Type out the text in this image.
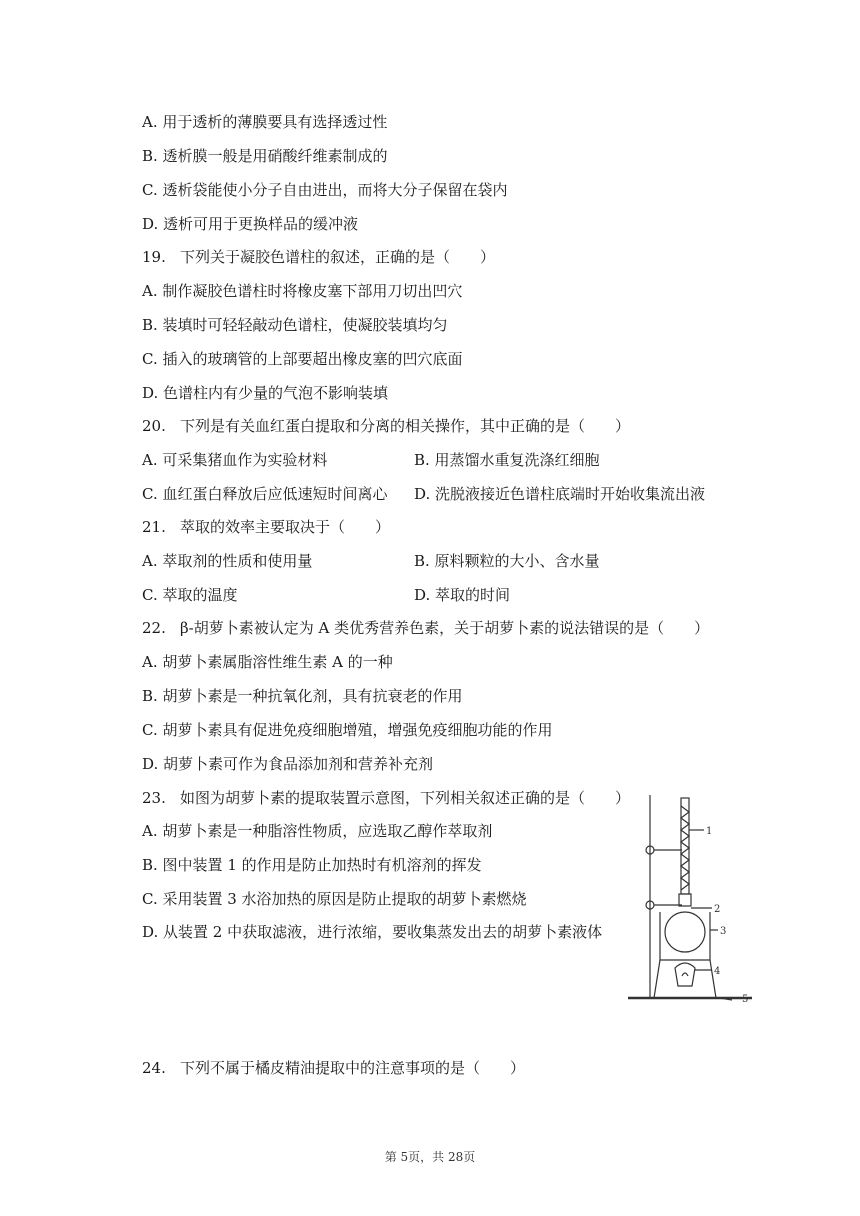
A. 用于透析的薄膜要具有选择透过性
B. 透析膜一般是用硝酸纤维素制成的
C. 透析袋能使小分子自由进出，而将大分子保留在袋内
D. 透析可用于更换样品的缓冲液
19. 下列关于凝胶色谱柱的叙述，正确的是（　　）
A. 制作凝胶色谱柱时将橡皮塞下部用刀切出凹穴
B. 装填时可轻轻敲动色谱柱，使凝胶装填均匀
C. 插入的玻璃管的上部要超出橡皮塞的凹穴底面
D. 色谱柱内有少量的气泡不影响装填
20. 下列是有关血红蛋白提取和分离的相关操作，其中正确的是（　　）
A. 可采集猪血作为实验材料	B. 用蒸馏水重复洗涤红细胞
C. 血红蛋白释放后应低速短时间离心 D. 洗脱液接近色谱柱底端时开始收集流出液
21. 萃取的效率主要取决于（　　）
A. 萃取剂的性质和使用量	B. 原料颗粒的大小、含水量
C. 萃取的温度	D. 萃取的时间
22. β-胡萝卜素被认定为 A 类优秀营养色素，关于胡萝卜素的说法错误的是（　　）
A. 胡萝卜素属脂溶性维生素 A 的一种
B. 胡萝卜素是一种抗氧化剂，具有抗衰老的作用
C. 胡萝卜素具有促进免疫细胞增殖，增强免疫细胞功能的作用
D. 胡萝卜素可作为食品添加剂和营养补充剂
23. 如图为胡萝卜素的提取装置示意图，下列相关叙述正确的是（　　）
A. 胡萝卜素是一种脂溶性物质，应选取乙醇作萃取剂
B. 图中装置 1 的作用是防止加热时有机溶剂的挥发
C. 采用装置 3 水浴加热的原因是防止提取的胡萝卜素燃烧
D. 从装置 2 中获取滤液，进行浓缩，要收集蒸发出去的胡萝卜素液体
1
2
3
4
5
24. 下列不属于橘皮精油提取中的注意事项的是（　　）
第 5页，共 28页
